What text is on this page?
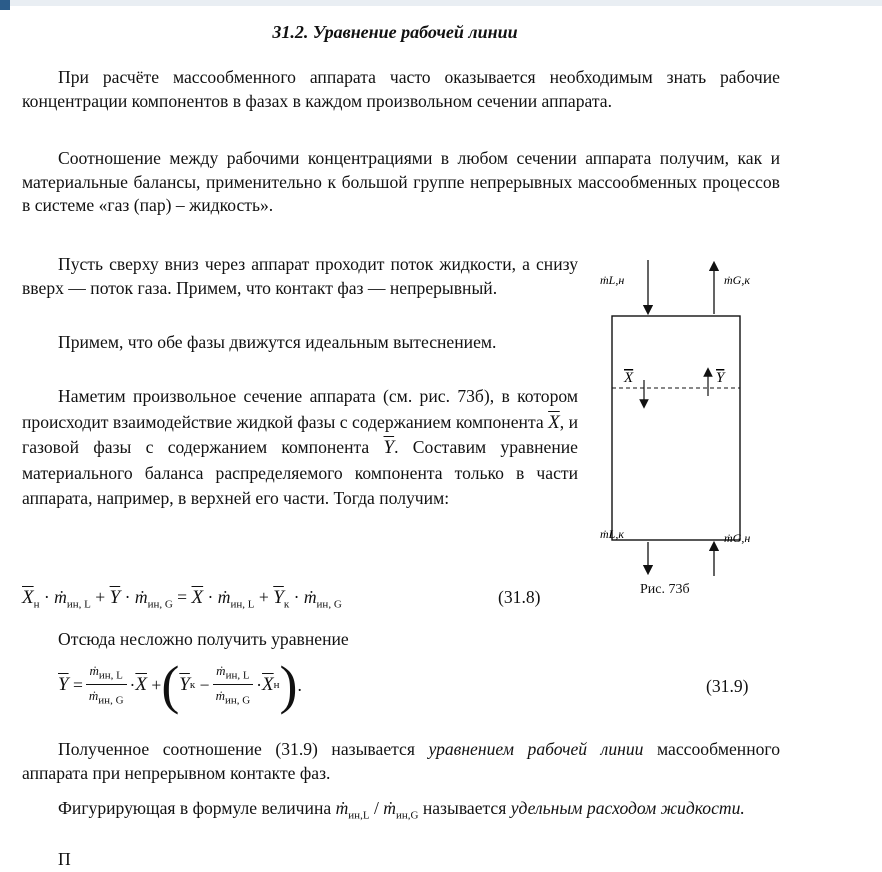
31.2. Уравнение рабочей линии

При расчёте массообменного аппарата часто оказывается необходимым знать рабочие концентрации компонентов в фазах в каждом произвольном сечении аппарата.

Соотношение между рабочими концентрациями в любом сечении аппарата получим, как и материальные балансы, применительно к большой группе непрерывных массообменных процессов в системе «газ (пар) – жидкость».

Пусть сверху вниз через аппарат проходит поток жидкости, а снизу вверх — поток газа. Примем, что контакт фаз — непрерывный.

Примем, что обе фазы движутся идеальным вытеснением.

Наметим произвольное сечение аппарата (см. рис. 73б), в котором происходит взаимодействие жидкой фазы с содержанием компонента $\overline{X}$, и газовой фазы с содержанием компонента $\overline{Y}$. Составим уравнение материального баланса распределяемого компонента только в части аппарата, например, в верхней его части. Тогда получим:

$\overline{X}_н$ · ṁ$_{ин, L}$ + $\overline{Y}$ · ṁ$_{ин, G}$ = $\overline{X}$ · ṁ$_{ин, L}$ + $\overline{Y}_к$ · ṁ$_{ин, G}$	(31.8)

Отсюда несложно получить уравнение

$\overline{Y} = \frac{ṁ_{ин, L}}{ṁ_{ин, G}} \cdot \overline{X}$ + ( $\overline{Y}$ $к - \frac{ṁ_{ин, L}}{ṁ_{ин, G}} \cdot \overline{X}$ н ) .	(31.9)

Полученное соотношение (31.9) называется уравнением рабочей линии массообменного аппарата при непрерывном контакте фаз.

Фигурирующая в формуле величина ṁ$_{ин,L}$ / ṁ$_{ин,G}$ называется удельным расходом жидкости.

П

ṁL,н	ṁG,к
ṁL,к	ṁG,н
X	Y
Рис. 73б
